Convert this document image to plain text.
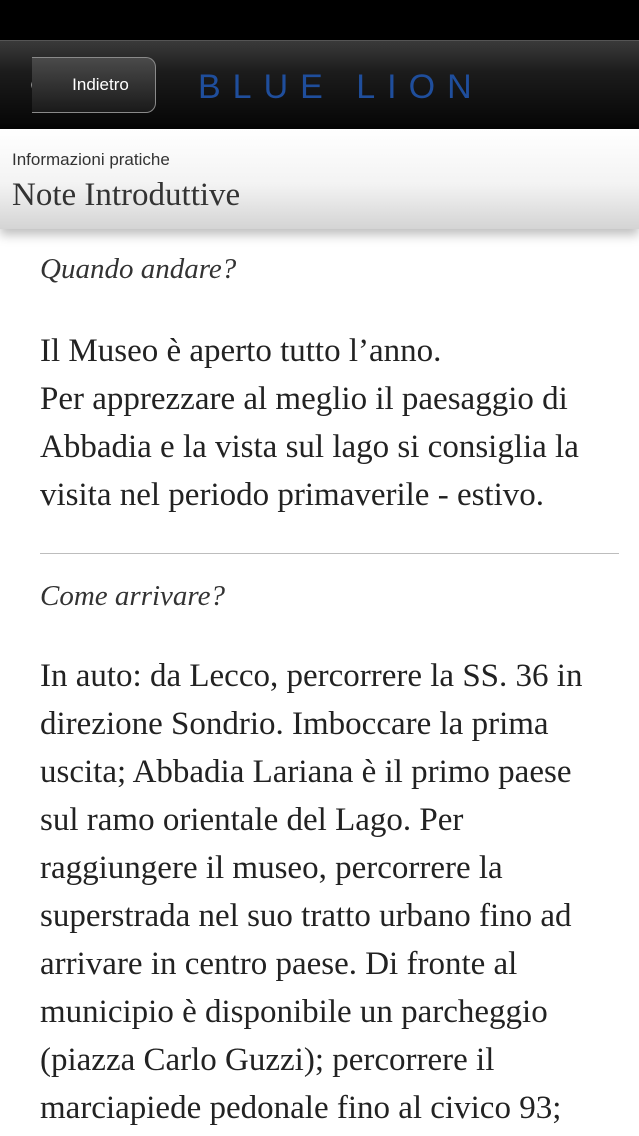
Indietro BLUE LION
Informazioni pratiche
Note Introduttive
Quando andare?
Il Museo è aperto tutto l’anno.
Per apprezzare al meglio il paesaggio di Abbadia e la vista sul lago si consiglia la visita nel periodo primaverile - estivo.
Come arrivare?
In auto: da Lecco, percorrere la SS. 36 in direzione Sondrio. Imboccare la prima uscita; Abbadia Lariana è il primo paese sul ramo orientale del Lago. Per raggiungere il museo, percorrere la superstrada nel suo tratto urbano fino ad arrivare in centro paese. Di fronte al municipio è disponibile un parcheggio (piazza Carlo Guzzi); percorrere il marciapiede pedonale fino al civico 93;
